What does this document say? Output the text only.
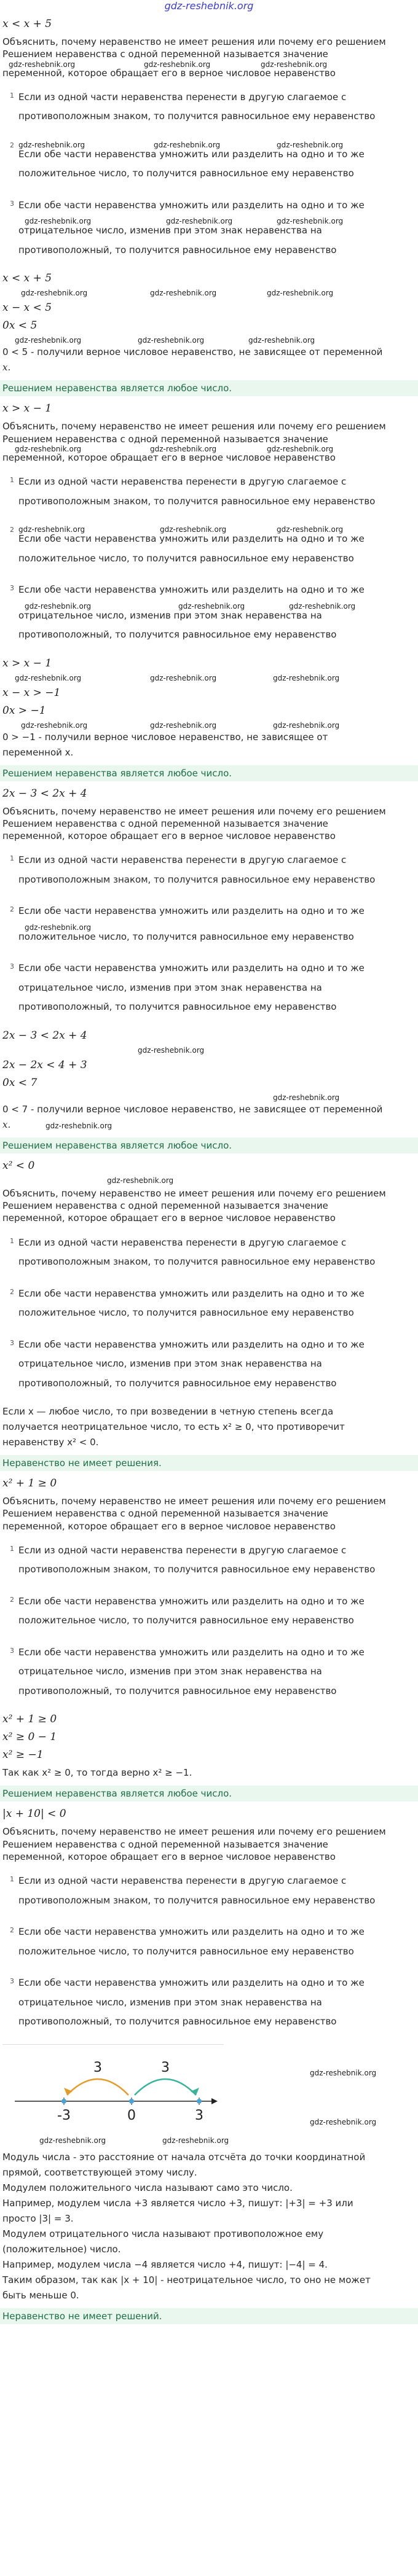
gdz-reshebnik.org
x < x + 5
Объяснить, почему неравенство не имеет решения или почему его решением
Решением неравенства с одной переменной называется значение
gdz-reshebnik.org	gdz-reshebnik.org	gdz-reshebnik.org
переменной, которое обращает его в верное числовое неравенство
1 Если из одной части неравенства перенести в другую слагаемое с
противоположным знаком, то получится равносильное ему неравенство
2 gdz-reshebnik.org	gdz-reshebnik.org	gdz-reshebnik.org
Если обе части неравенства умножить или разделить на одно и то же
положительное число, то получится равносильное ему неравенство
3 Если обе части неравенства умножить или разделить на одно и то же
gdz-reshebnik.org	gdz-reshebnik.org	gdz-reshebnik.org
отрицательное число, изменив при этом знак неравенства на
противоположный, то получится равносильное ему неравенство
x < x + 5
gdz-reshebnik.org	gdz-reshebnik.org	gdz-reshebnik.org
x − x < 5
0x < 5
gdz-reshebnik.org	gdz-reshebnik.org	gdz-reshebnik.org
0 < 5 - получили верное числовое неравенство, не зависящее от переменной
x.
Решением неравенства является любое число.
x > x − 1
Объяснить, почему неравенство не имеет решения или почему его решением
Решением неравенства с одной переменной называется значение
gdz-reshebnik.org	gdz-reshebnik.org	gdz-reshebnik.org
переменной, которое обращает его в верное числовое неравенство
1 Если из одной части неравенства перенести в другую слагаемое с
противоположным знаком, то получится равносильное ему неравенство
2 gdz-reshebnik.org	gdz-reshebnik.org	gdz-reshebnik.org
Если обе части неравенства умножить или разделить на одно и то же
положительное число, то получится равносильное ему неравенство
3 Если обе части неравенства умножить или разделить на одно и то же
gdz-reshebnik.org	gdz-reshebnik.org	gdz-reshebnik.org
отрицательное число, изменив при этом знак неравенства на
противоположный, то получится равносильное ему неравенство
x > x − 1
gdz-reshebnik.org	gdz-reshebnik.org	gdz-reshebnik.org
x − x > −1
0x > −1
gdz-reshebnik.org	gdz-reshebnik.org	gdz-reshebnik.org
0 > −1 - получили верное числовое неравенство, не зависящее от
переменной x.
Решением неравенства является любое число.
2x − 3 < 2x + 4
Объяснить, почему неравенство не имеет решения или почему его решением
Решением неравенства с одной переменной называется значение
переменной, которое обращает его в верное числовое неравенство
1 Если из одной части неравенства перенести в другую слагаемое с
противоположным знаком, то получится равносильное ему неравенство
2 Если обе части неравенства умножить или разделить на одно и то же
gdz-reshebnik.org
положительное число, то получится равносильное ему неравенство
3 Если обе части неравенства умножить или разделить на одно и то же
отрицательное число, изменив при этом знак неравенства на
противоположный, то получится равносильное ему неравенство
2x − 3 < 2x + 4
gdz-reshebnik.org
2x − 2x < 4 + 3
0x < 7
gdz-reshebnik.org
0 < 7 - получили верное числовое неравенство, не зависящее от переменной
x.	gdz-reshebnik.org
Решением неравенства является любое число.
x² < 0
gdz-reshebnik.org
Объяснить, почему неравенство не имеет решения или почему его решением
Решением неравенства с одной переменной называется значение
переменной, которое обращает его в верное числовое неравенство
1 Если из одной части неравенства перенести в другую слагаемое с
противоположным знаком, то получится равносильное ему неравенство
2 Если обе части неравенства умножить или разделить на одно и то же
положительное число, то получится равносильное ему неравенство
3 Если обе части неравенства умножить или разделить на одно и то же
отрицательное число, изменив при этом знак неравенства на
противоположный, то получится равносильное ему неравенство
Если x — любое число, то при возведении в четную степень всегда
получается неотрицательное число, то есть x² ≥ 0, что противоречит
неравенству x² < 0.
Неравенство не имеет решения.
x² + 1 ≥ 0
Объяснить, почему неравенство не имеет решения или почему его решением
Решением неравенства с одной переменной называется значение
переменной, которое обращает его в верное числовое неравенство
1 Если из одной части неравенства перенести в другую слагаемое с
противоположным знаком, то получится равносильное ему неравенство
2 Если обе части неравенства умножить или разделить на одно и то же
положительное число, то получится равносильное ему неравенство
3 Если обе части неравенства умножить или разделить на одно и то же
отрицательное число, изменив при этом знак неравенства на
противоположный, то получится равносильное ему неравенство
x² + 1 ≥ 0
x² ≥ 0 − 1
x² ≥ −1
Так как x² ≥ 0, то тогда верно x² ≥ −1.
Решением неравенства является любое число.
|x + 10| < 0
Объяснить, почему неравенство не имеет решения или почему его решением
Решением неравенства с одной переменной называется значение
переменной, которое обращает его в верное числовое неравенство
1 Если из одной части неравенства перенести в другую слагаемое с
противоположным знаком, то получится равносильное ему неравенство
2 Если обе части неравенства умножить или разделить на одно и то же
положительное число, то получится равносильное ему неравенство
3 Если обе части неравенства умножить или разделить на одно и то же
отрицательное число, изменив при этом знак неравенства на
противоположный, то получится равносильное ему неравенство
3	3
-3	0	3
gdz-reshebnik.org
gdz-reshebnik.org
gdz-reshebnik.org	gdz-reshebnik.org
Модуль числа - это расстояние от начала отсчёта до точки координатной
прямой, соответствующей этому числу.
Модулем положительного числа называют само это число.
Например, модулем числа +3 является число +3, пишут: |+3| = +3 или
просто |3| = 3.
Модулем отрицательного числа называют противоположное ему
(положительное) число.
Например, модулем числа −4 является число +4, пишут: |−4| = 4.
Таким образом, так как |x + 10| - неотрицательное число, то оно не может
быть меньше 0.
Неравенство не имеет решений.
